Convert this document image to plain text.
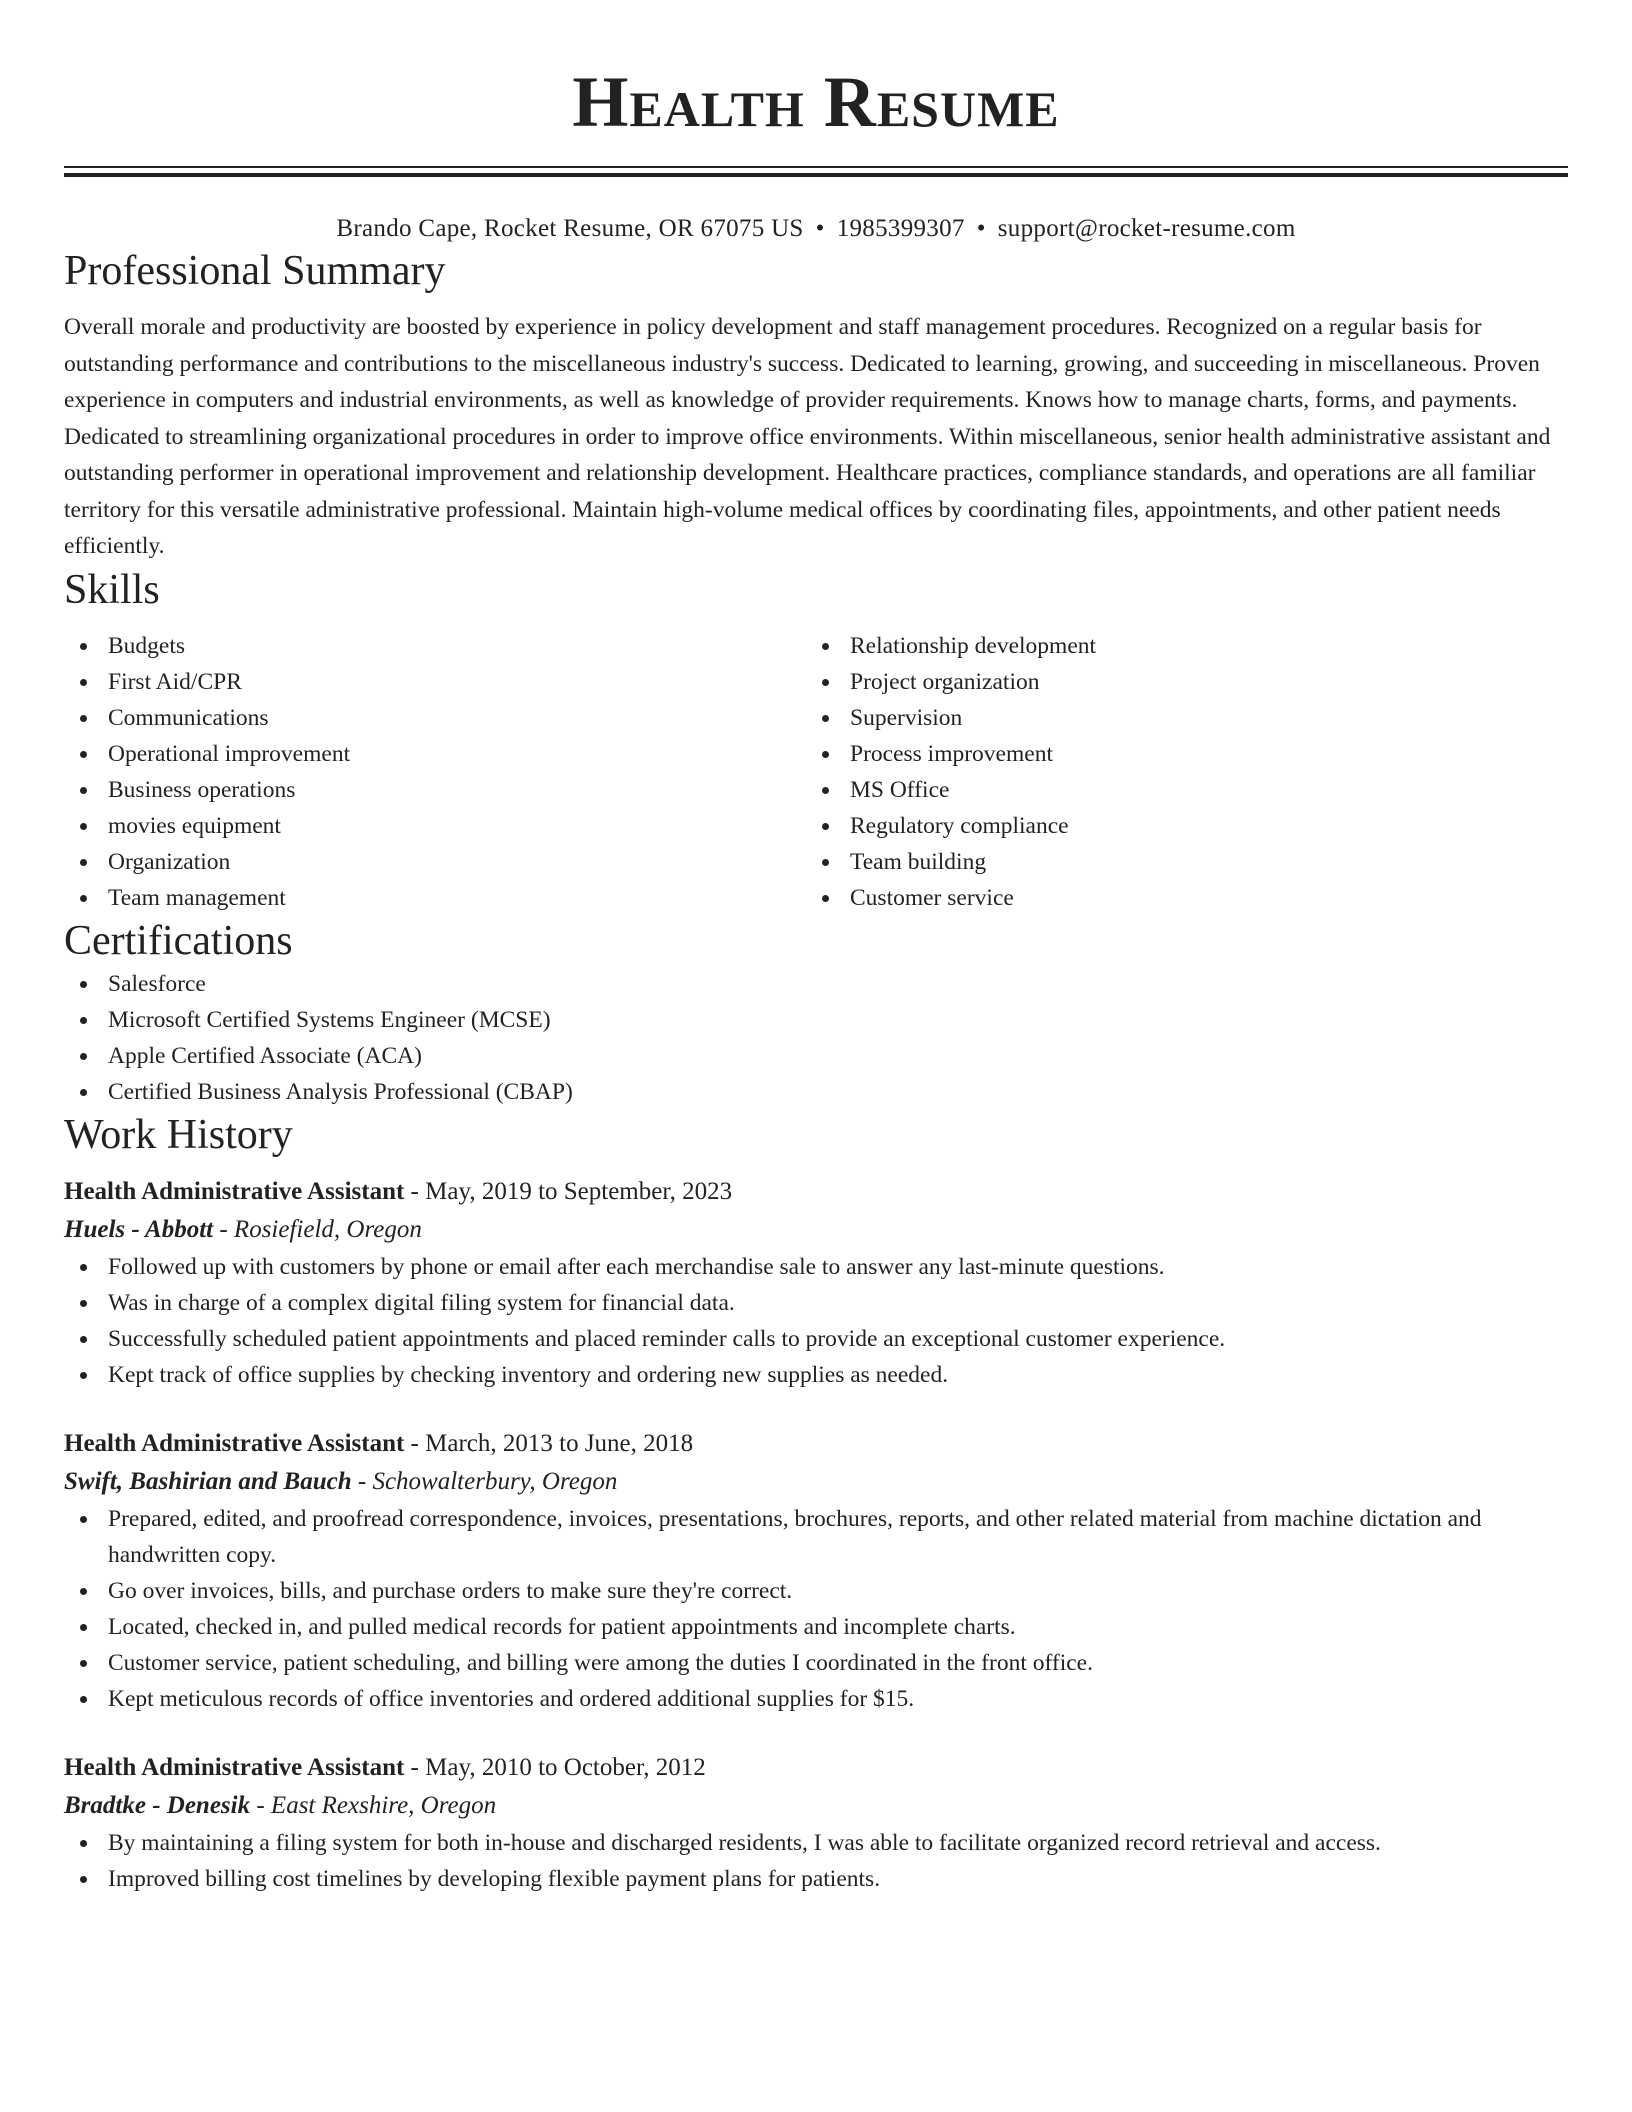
Health Resume
Brando Cape, Rocket Resume, OR 67075 US • 1985399307 • support@rocket-resume.com
Professional Summary

Overall morale and productivity are boosted by experience in policy development and staff management procedures. Recognized on a regular basis for outstanding performance and contributions to the miscellaneous industry's success. Dedicated to learning, growing, and succeeding in miscellaneous. Proven experience in computers and industrial environments, as well as knowledge of provider requirements. Knows how to manage charts, forms, and payments. Dedicated to streamlining organizational procedures in order to improve office environments. Within miscellaneous, senior health administrative assistant and outstanding performer in operational improvement and relationship development. Healthcare practices, compliance standards, and operations are all familiar territory for this versatile administrative professional. Maintain high-volume medical offices by coordinating files, appointments, and other patient needs efficiently.

Skills
Budgets
First Aid/CPR
Communications
Operational improvement
Business operations
movies equipment
Organization
Team management
Relationship development
Project organization
Supervision
Process improvement
MS Office
Regulatory compliance
Team building
Customer service
Certifications
Salesforce
Microsoft Certified Systems Engineer (MCSE)
Apple Certified Associate (ACA)
Certified Business Analysis Professional (CBAP)
Work History
Health Administrative Assistant - May, 2019 to September, 2023
Huels - Abbott - Rosiefield, Oregon
Followed up with customers by phone or email after each merchandise sale to answer any last-minute questions.
Was in charge of a complex digital filing system for financial data.
Successfully scheduled patient appointments and placed reminder calls to provide an exceptional customer experience.
Kept track of office supplies by checking inventory and ordering new supplies as needed.
Health Administrative Assistant - March, 2013 to June, 2018
Swift, Bashirian and Bauch - Schowalterbury, Oregon
Prepared, edited, and proofread correspondence, invoices, presentations, brochures, reports, and other related material from machine dictation and handwritten copy.
Go over invoices, bills, and purchase orders to make sure they're correct.
Located, checked in, and pulled medical records for patient appointments and incomplete charts.
Customer service, patient scheduling, and billing were among the duties I coordinated in the front office.
Kept meticulous records of office inventories and ordered additional supplies for $15.
Health Administrative Assistant - May, 2010 to October, 2012
Bradtke - Denesik - East Rexshire, Oregon
By maintaining a filing system for both in-house and discharged residents, I was able to facilitate organized record retrieval and access.
Improved billing cost timelines by developing flexible payment plans for patients.
